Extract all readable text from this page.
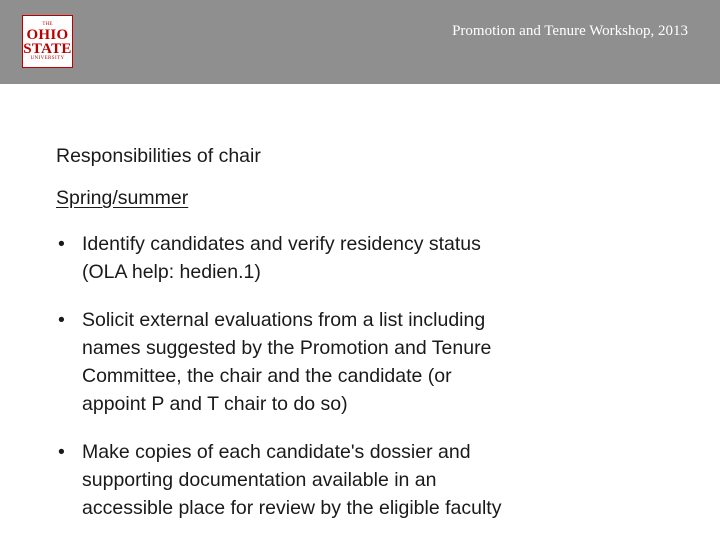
THE
OHIO
STATE
UNIVERSITY
Promotion and Tenure Workshop, 2013
Responsibilities of chair
Spring/summer
• Identify candidates and verify residency status
(OLA help: hedien.1)
• Solicit external evaluations from a list including
names suggested by the Promotion and Tenure
Committee, the chair and the candidate (or
appoint P and T chair to do so)
• Make copies of each candidate's dossier and
supporting documentation available in an
accessible place for review by the eligible faculty
